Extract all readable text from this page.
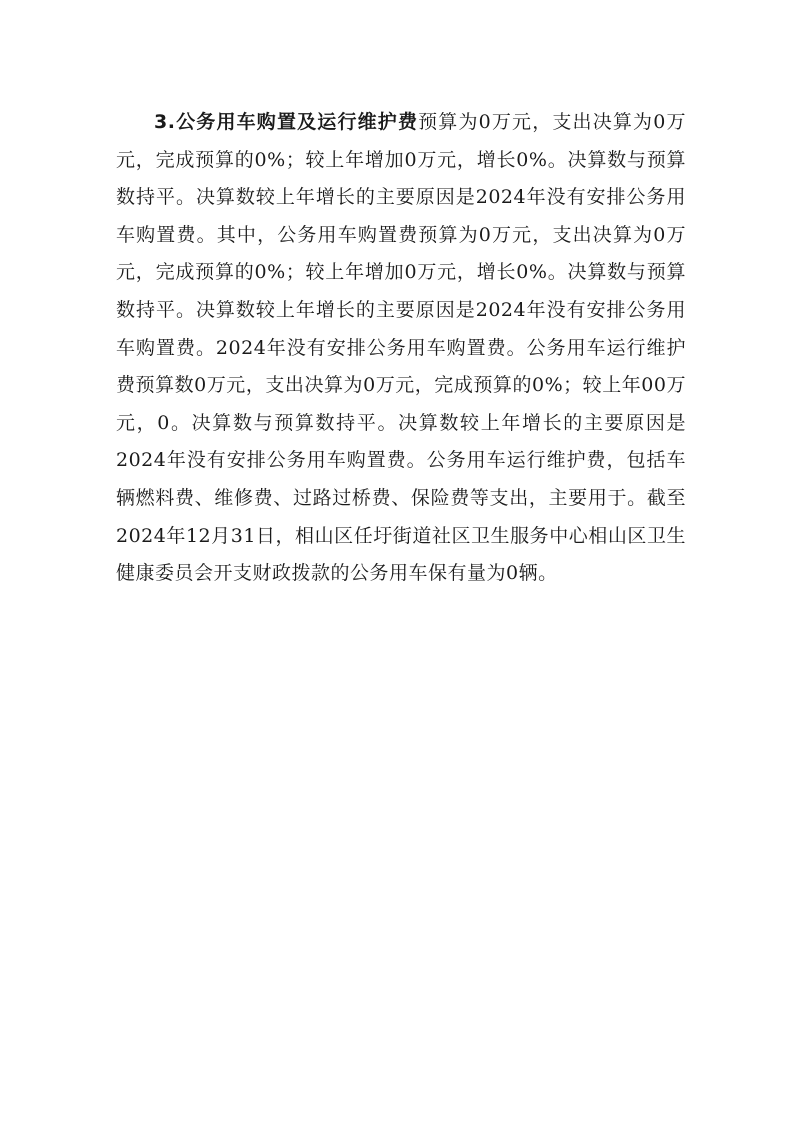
3.公务用车购置及运行维护费预算为0万元，支出决算为0万元，完成预算的0%；较上年增加0万元，增长0%。决算数与预算数持平。决算数较上年增长的主要原因是2024年没有安排公务用车购置费。其中，公务用车购置费预算为0万元，支出决算为0万元，完成预算的0%；较上年增加0万元，增长0%。决算数与预算数持平。决算数较上年增长的主要原因是2024年没有安排公务用车购置费。2024年没有安排公务用车购置费。公务用车运行维护费预算数0万元，支出决算为0万元，完成预算的0%；较上年00万元，0。决算数与预算数持平。决算数较上年增长的主要原因是2024年没有安排公务用车购置费。公务用车运行维护费，包括车辆燃料费、维修费、过路过桥费、保险费等支出，主要用于。截至2024年12月31日，相山区任圩街道社区卫生服务中心相山区卫生健康委员会开支财政拨款的公务用车保有量为0辆。
